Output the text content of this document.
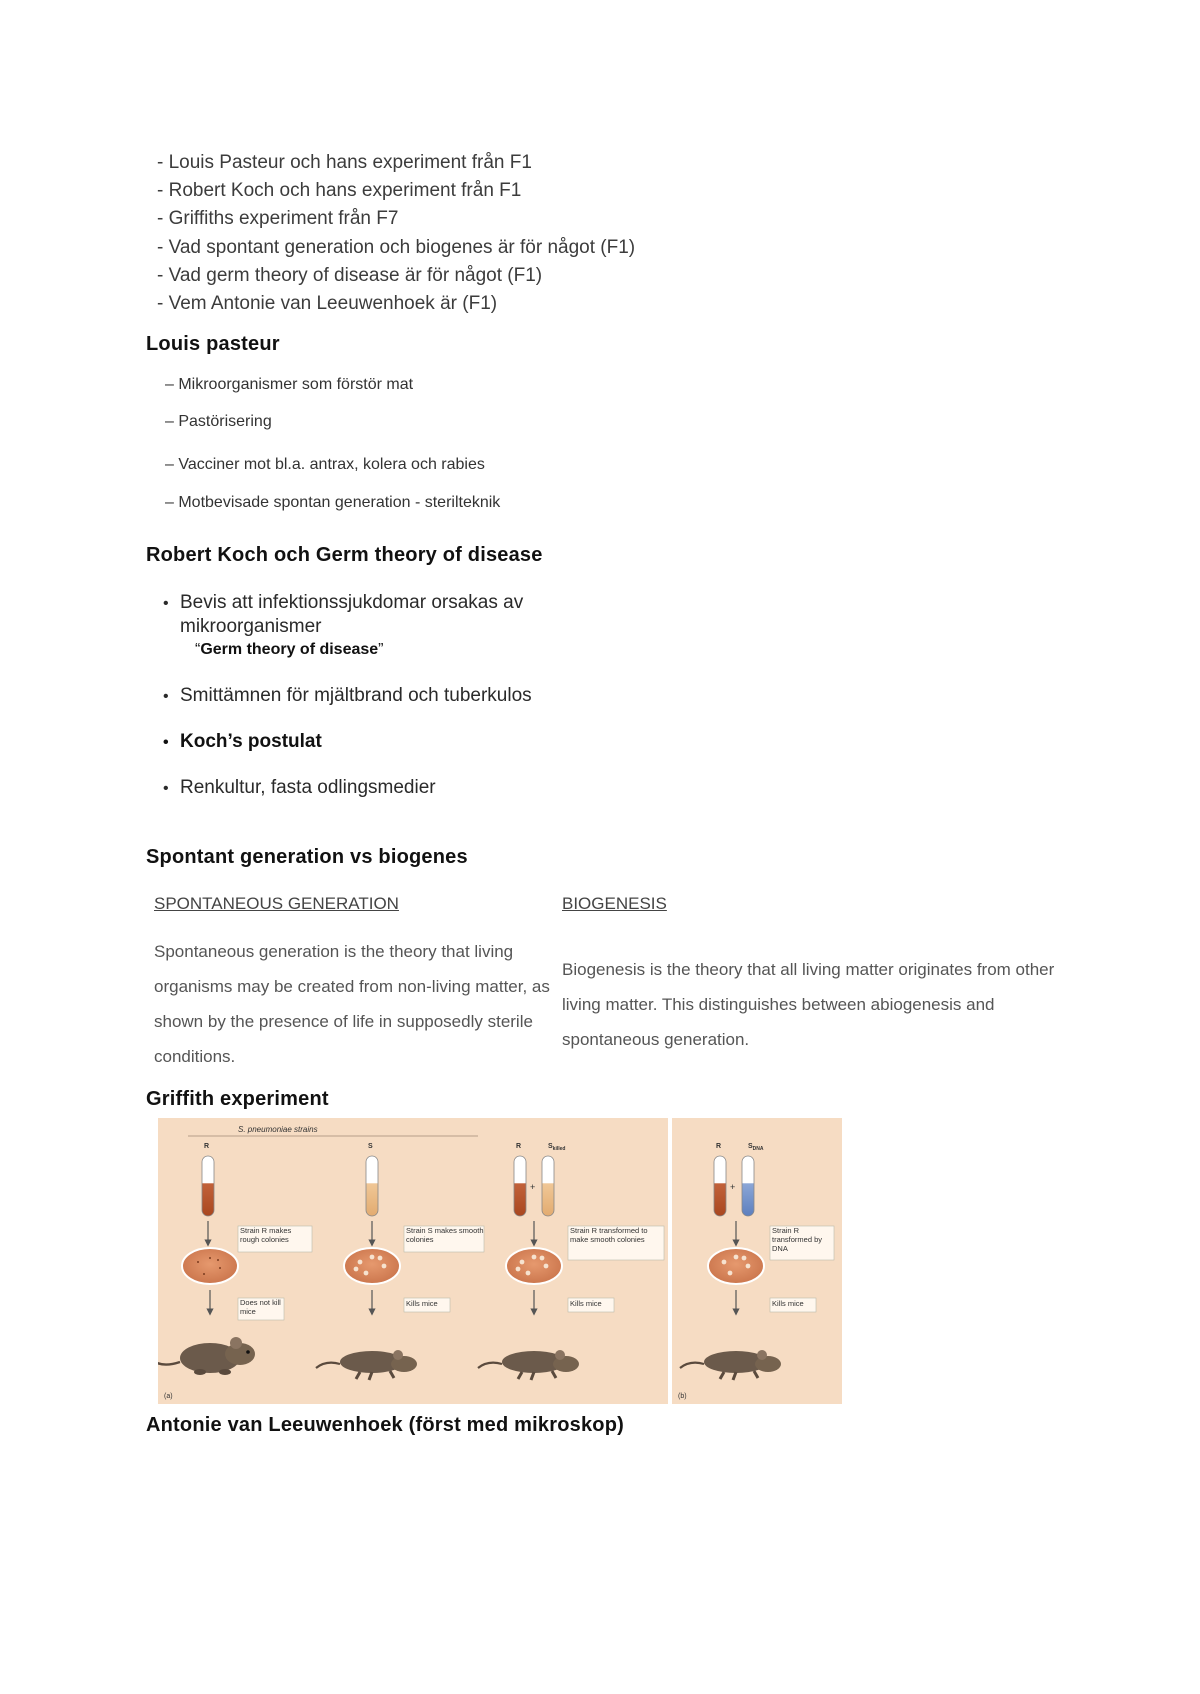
- Louis Pasteur och hans experiment från F1
- Robert Koch och hans experiment från F1
- Griffiths experiment från F7
- Vad spontant generation och biogenes är för något (F1)
- Vad germ theory of disease är för något (F1)
- Vem Antonie van Leeuwenhoek är (F1)
Louis pasteur
– Mikroorganismer som förstör mat
– Pastörisering
– Vacciner mot bl.a. antrax, kolera och rabies
– Motbevisade spontan generation - sterilteknik
Robert Koch och Germ theory of disease
• Bevis att infektionssjukdomar orsakas av
mikroorganismer
“Germ theory of disease”
• Smittämnen för mjältbrand och tuberkulos
• Koch’s postulat
• Renkultur, fasta odlingsmedier
Spontant generation vs biogenes
SPONTANEOUS GENERATION

Spontaneous generation is the theory that living organisms may be created from non-living matter, as shown by the presence of life in supposedly sterile conditions.

BIOGENESIS

Biogenesis is the theory that all living matter originates from other living matter. This distinguishes between abiogenesis and spontaneous generation.

Griffith experiment
S. pneumoniae strains
R
Strain R makes rough colonies
Does not kill mice
(a)
S
Strain S makes smooth colonies
Kills mice
R	$S_{killed}$
+
Strain R transformed to make smooth colonies
Kills mice
R	$S_{DNA}$
+
Strain R transformed by DNA
Kills mice
(b)
Antonie van Leeuwenhoek (först med mikroskop)
